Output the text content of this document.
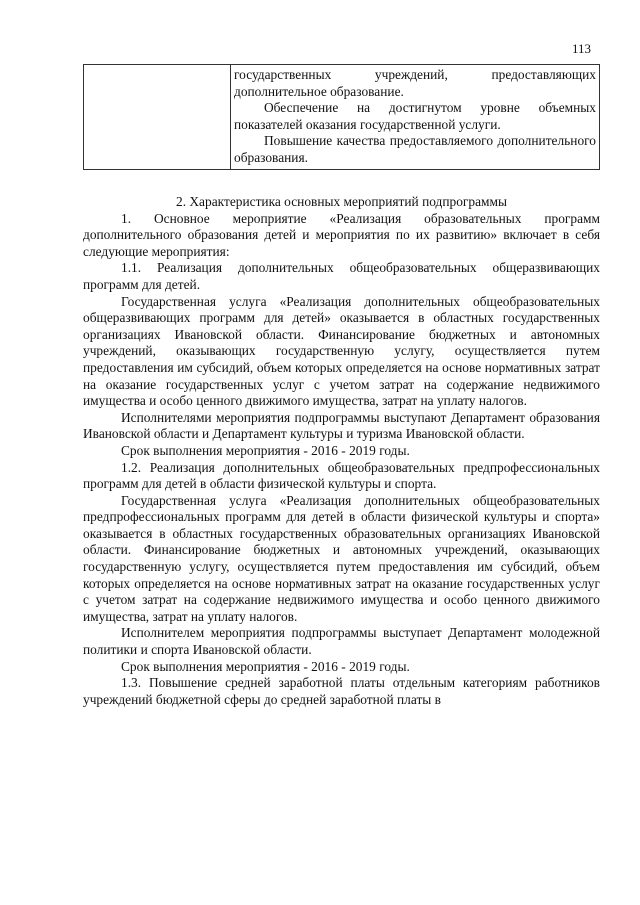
113

государственных учреждений, предоставляющих дополнительное образование.

Обеспечение на достигнутом уровне объемных показателей оказания государственной услуги.

Повышение качества предоставляемого дополнительного образования.

2. Характеристика основных мероприятий подпрограммы

1. Основное мероприятие «Реализация образовательных программ дополнительного образования детей и мероприятия по их развитию» включает в себя следующие мероприятия:

1.1. Реализация дополнительных общеобразовательных общеразвивающих программ для детей.

Государственная услуга «Реализация дополнительных общеобразовательных общеразвивающих программ для детей» оказывается в областных государственных организациях Ивановской области. Финансирование бюджетных и автономных учреждений, оказывающих государственную услугу, осуществляется путем предоставления им субсидий, объем которых определяется на основе нормативных затрат на оказание государственных услуг с учетом затрат на содержание недвижимого имущества и особо ценного движимого имущества, затрат на уплату налогов.

Исполнителями мероприятия подпрограммы выступают Департамент образования Ивановской области и Департамент культуры и туризма Ивановской области.

Срок выполнения мероприятия - 2016 - 2019 годы.

1.2. Реализация дополнительных общеобразовательных предпрофессиональных программ для детей в области физической культуры и спорта.

Государственная услуга «Реализация дополнительных общеобразовательных предпрофессиональных программ для детей в области физической культуры и спорта» оказывается в областных государственных образовательных организациях Ивановской области. Финансирование бюджетных и автономных учреждений, оказывающих государственную услугу, осуществляется путем предоставления им субсидий, объем которых определяется на основе нормативных затрат на оказание государственных услуг с учетом затрат на содержание недвижимого имущества и особо ценного движимого имущества, затрат на уплату налогов.

Исполнителем мероприятия подпрограммы выступает Департамент молодежной политики и спорта Ивановской области.

Срок выполнения мероприятия - 2016 - 2019 годы.

1.3. Повышение средней заработной платы отдельным категориям работников учреждений бюджетной сферы до средней заработной платы в
